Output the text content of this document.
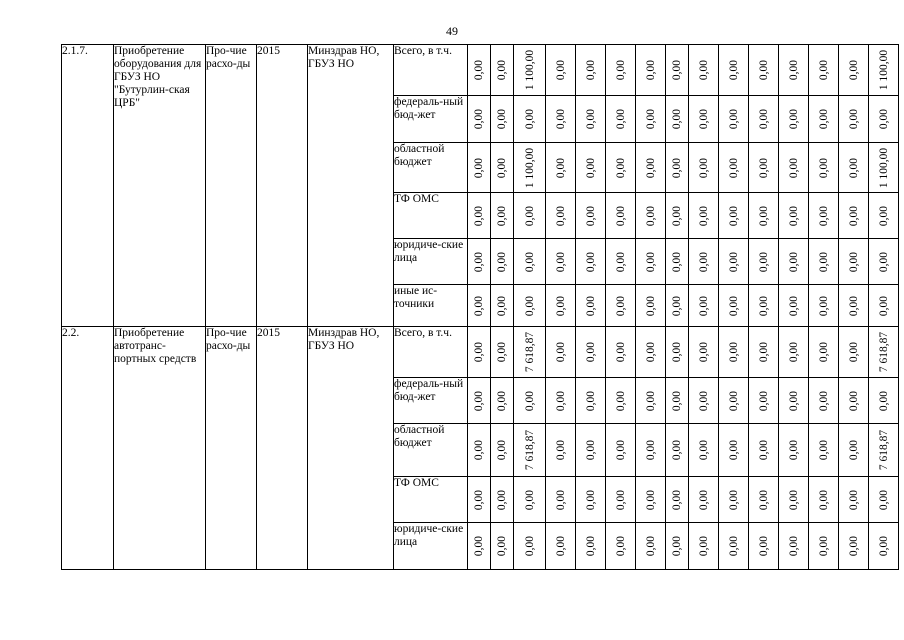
49
2.1.7.	Приобретение оборудования для ГБУЗ НО "Бутурлин-ская ЦРБ"	Про-чие расхо-ды	2015	Минздрав НО, ГБУЗ НО	Всего, в т.ч.	0,00	0,00	1 100,00	0,00	0,00	0,00	0,00	0,00	0,00	0,00	0,00	0,00	0,00	0,00	1 100,00

					федераль-ный бюд-жет	0,00	0,00	0,00	0,00	0,00	0,00	0,00	0,00	0,00	0,00	0,00	0,00	0,00	0,00	0,00

					областной бюджет	0,00	0,00	1 100,00	0,00	0,00	0,00	0,00	0,00	0,00	0,00	0,00	0,00	0,00	0,00	1 100,00

					ТФ ОМС	0,00	0,00	0,00	0,00	0,00	0,00	0,00	0,00	0,00	0,00	0,00	0,00	0,00	0,00	0,00

					юридиче-ские лица	0,00	0,00	0,00	0,00	0,00	0,00	0,00	0,00	0,00	0,00	0,00	0,00	0,00	0,00	0,00

					иные ис-точники	0,00	0,00	0,00	0,00	0,00	0,00	0,00	0,00	0,00	0,00	0,00	0,00	0,00	0,00	0,00

2.2.	Приобретение автотранс-портных средств	Про-чие расхо-ды	2015	Минздрав НО, ГБУЗ НО	Всего, в т.ч.	0,00	0,00	7 618,87	0,00	0,00	0,00	0,00	0,00	0,00	0,00	0,00	0,00	0,00	0,00	7 618,87

					федераль-ный бюд-жет	0,00	0,00	0,00	0,00	0,00	0,00	0,00	0,00	0,00	0,00	0,00	0,00	0,00	0,00	0,00

					областной бюджет	0,00	0,00	7 618,87	0,00	0,00	0,00	0,00	0,00	0,00	0,00	0,00	0,00	0,00	0,00	7 618,87

					ТФ ОМС	0,00	0,00	0,00	0,00	0,00	0,00	0,00	0,00	0,00	0,00	0,00	0,00	0,00	0,00	0,00

					юридиче-ские лица	0,00	0,00	0,00	0,00	0,00	0,00	0,00	0,00	0,00	0,00	0,00	0,00	0,00	0,00	0,00
